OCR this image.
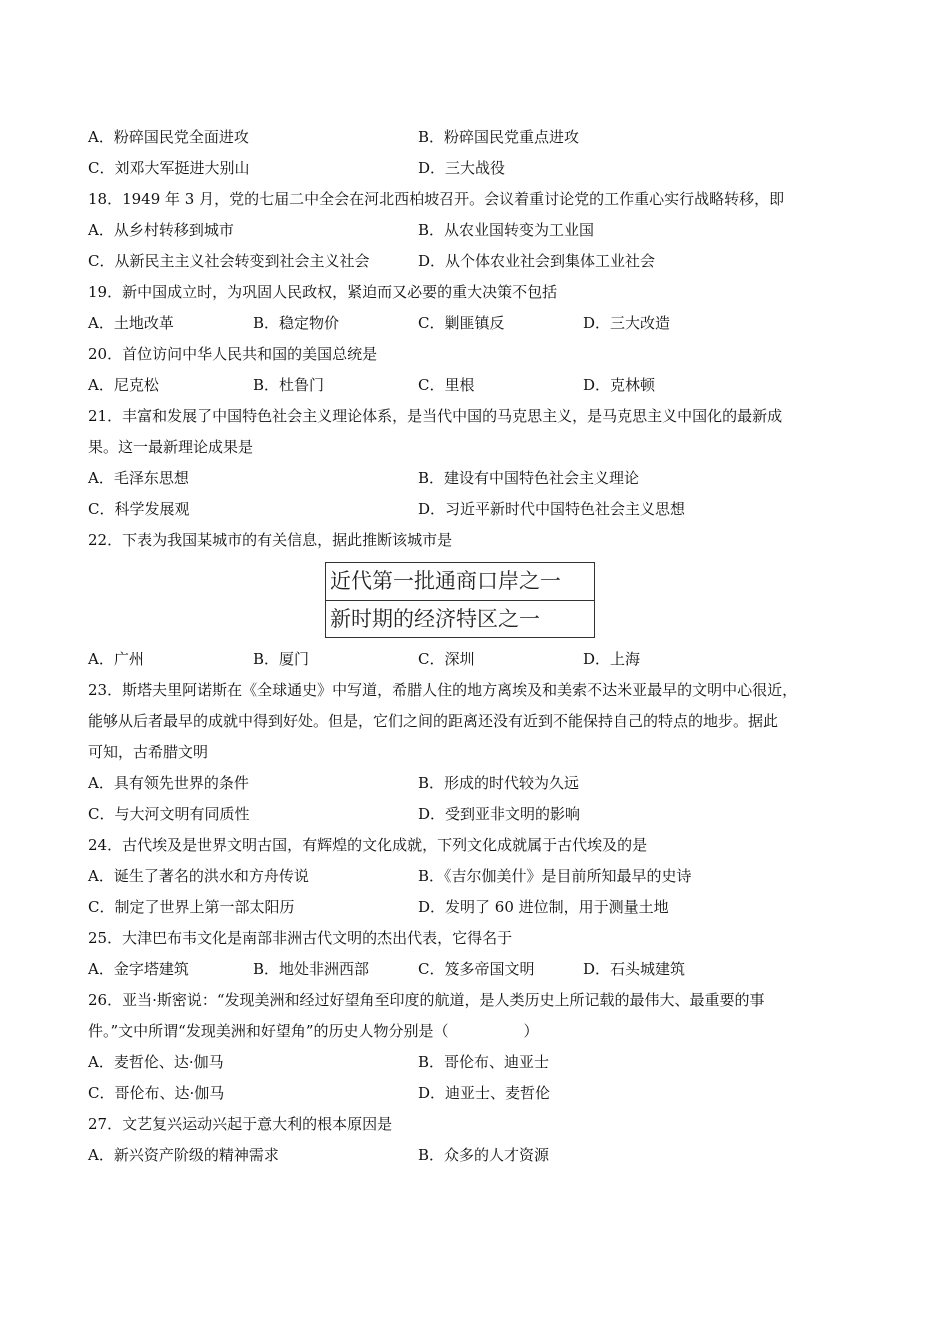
A．粉碎国民党全面进攻	B．粉碎国民党重点进攻
C．刘邓大军挺进大别山	D．三大战役
18．1949 年 3 月，党的七届二中全会在河北西柏坡召开。会议着重讨论党的工作重心实行战略转移，即
A．从乡村转移到城市	B．从农业国转变为工业国
C．从新民主主义社会转变到社会主义社会	D．从个体农业社会到集体工业社会
19．新中国成立时，为巩固人民政权，紧迫而又必要的重大决策不包括
A．土地改革	B．稳定物价	C．剿匪镇反	D．三大改造
20．首位访问中华人民共和国的美国总统是
A．尼克松	B．杜鲁门	C．里根	D．克林顿
21．丰富和发展了中国特色社会主义理论体系，是当代中国的马克思主义，是马克思主义中国化的最新成
果。这一最新理论成果是
A．毛泽东思想	B．建设有中国特色社会主义理论
C．科学发展观	D．习近平新时代中国特色社会主义思想
22．下表为我国某城市的有关信息，据此推断该城市是
近代第一批通商口岸之一
新时期的经济特区之一
A．广州	B．厦门	C．深圳	D．上海
23．斯塔夫里阿诺斯在《全球通史》中写道，希腊人住的地方离埃及和美索不达米亚最早的文明中心很近，
能够从后者最早的成就中得到好处。但是，它们之间的距离还没有近到不能保持自己的特点的地步。据此
可知，古希腊文明
A．具有领先世界的条件	B．形成的时代较为久远
C．与大河文明有同质性	D．受到亚非文明的影响
24．古代埃及是世界文明古国，有辉煌的文化成就，下列文化成就属于古代埃及的是
A．诞生了著名的洪水和方舟传说	B．《吉尔伽美什》是目前所知最早的史诗
C．制定了世界上第一部太阳历	D．发明了 60 进位制，用于测量土地
25．大津巴布韦文化是南部非洲古代文明的杰出代表，它得名于
A．金字塔建筑	B．地处非洲西部	C．笈多帝国文明	D．石头城建筑
26．亚当·斯密说：“发现美洲和经过好望角至印度的航道，是人类历史上所记载的最伟大、最重要的事
件。”文中所谓“发现美洲和好望角”的历史人物分别是（　　　　　）
A．麦哲伦、达·伽马	B．哥伦布、迪亚士
C．哥伦布、达·伽马	D．迪亚士、麦哲伦
27．文艺复兴运动兴起于意大利的根本原因是
A．新兴资产阶级的精神需求	B．众多的人才资源
